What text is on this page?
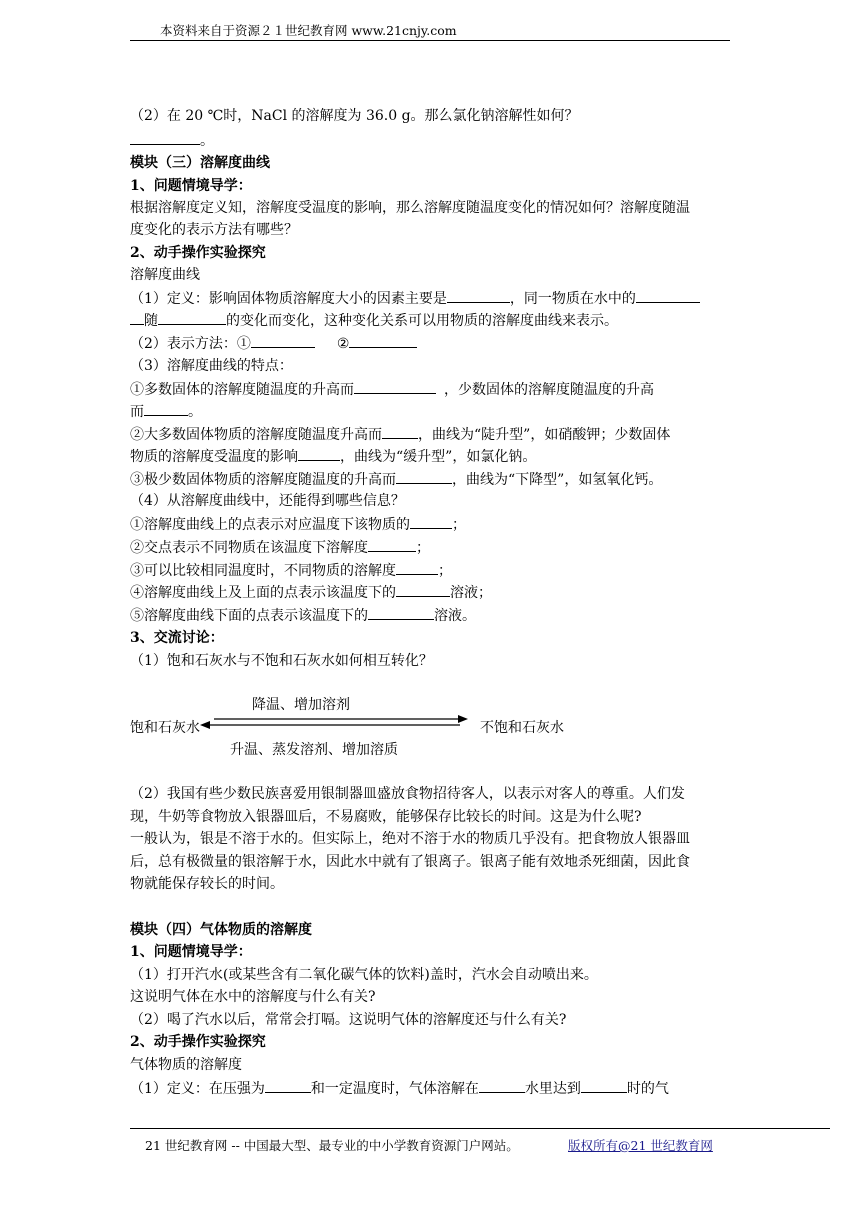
本资料来自于资源２１世纪教育网 www.21cnjy.com
（2）在 20 ℃时，NaCl 的溶解度为 36.0 g。那么氯化钠溶解性如何？
。
模块（三）溶解度曲线
1、问题情境导学：
根据溶解度定义知，溶解度受温度的影响，那么溶解度随温度变化的情况如何？溶解度随温
度变化的表示方法有哪些？
2、动手操作实验探究
溶解度曲线
（1）定义：影响固体物质溶解度大小的因素主要是	，同一物质在水中的
随	的变化而变化，这种变化关系可以用物质的溶解度曲线来表示。
（2）表示方法：①	②
（3）溶解度曲线的特点：
①多数固体的溶解度随温度的升高而	，少数固体的溶解度随温度的升高
而	。
②大多数固体物质的溶解度随温度升高而	，曲线为“陡升型”，如硝酸钾；少数固体
物质的溶解度受温度的影响	，曲线为“缓升型”，如氯化钠。
③极少数固体物质的溶解度随温度的升高而	，曲线为“下降型”，如氢氧化钙。
（4）从溶解度曲线中，还能得到哪些信息？
①溶解度曲线上的点表示对应温度下该物质的	；
②交点表示不同物质在该温度下溶解度	；
③可以比较相同温度时，不同物质的溶解度	；
④溶解度曲线上及上面的点表示该温度下的	溶液；
⑤溶解度曲线下面的点表示该温度下的	溶液。
3、交流讨论：
（1）饱和石灰水与不饱和石灰水如何相互转化？
降温、增加溶剂
饱和石灰水	不饱和石灰水
升温、蒸发溶剂、增加溶质
（2）我国有些少数民族喜爱用银制器皿盛放食物招待客人，以表示对客人的尊重。人们发
现，牛奶等食物放入银器皿后，不易腐败，能够保存比较长的时间。这是为什么呢?
一般认为，银是不溶于水的。但实际上，绝对不溶于水的物质几乎没有。把食物放人银器皿
后，总有极微量的银溶解于水，因此水中就有了银离子。银离子能有效地杀死细菌，因此食
物就能保存较长的时间。
模块（四）气体物质的溶解度
1、问题情境导学：
（1）打开汽水(或某些含有二氧化碳气体的饮料)盖时，汽水会自动喷出来。
这说明气体在水中的溶解度与什么有关?
（2）喝了汽水以后，常常会打嗝。这说明气体的溶解度还与什么有关?
2、动手操作实验探究
气体物质的溶解度
（1）定义：在压强为	和一定温度时，气体溶解在	水里达到	时的气
21 世纪教育网 -- 中国最大型、最专业的中小学教育资源门户网站。	版权所有@21 世纪教育网
